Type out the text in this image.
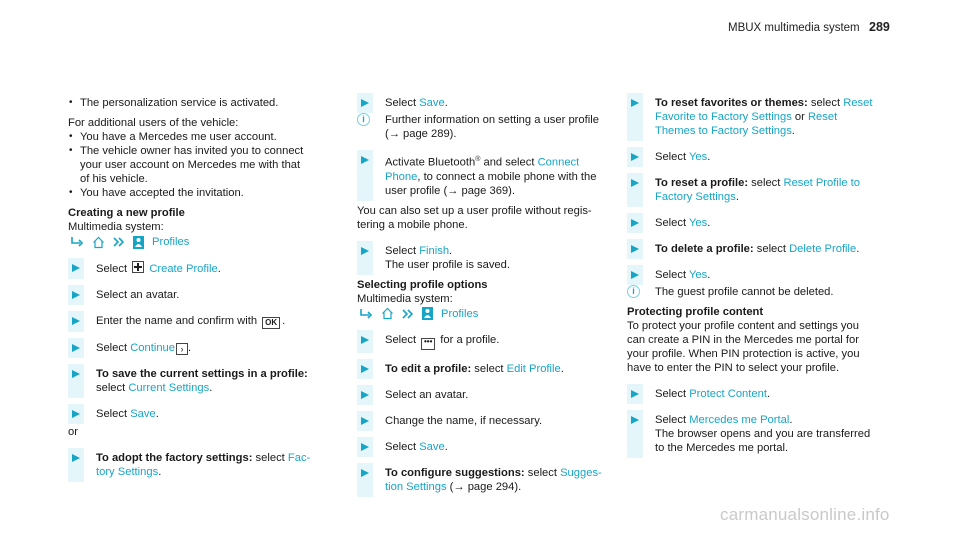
MBUX multimedia system 289
• The personalization service is activated.
For additional users of the vehicle:
• You have a Mercedes me user account.
• The vehicle owner has invited you to connect
your user account on Mercedes me with that
of his vehicle.
• You have accepted the invitation.
Creating a new profile
Multimedia system:
Profiles
Select  Create Profile.
Select an avatar.
Enter the name and confirm with OK .
Select Continue › .
To save the current settings in a profile:
select Current Settings.
Select Save.
or
To adopt the factory settings: select Fac-
tory Settings.
Select Save.
i	Further information on setting a user profile
(→ page 289).
Activate Bluetooth® and select Connect
Phone, to connect a mobile phone with the
user profile (→ page 369).
You can also set up a user profile without regis-
tering a mobile phone.
Select Finish.
The user profile is saved.
Selecting profile options
Multimedia system:
Profiles
Select ••• for a profile.
To edit a profile: select Edit Profile.
Select an avatar.
Change the name, if necessary.
Select Save.
To configure suggestions: select Sugges-
tion Settings (→ page 294).
To reset favorites or themes: select Reset
Favorite to Factory Settings or Reset
Themes to Factory Settings.
Select Yes.
To reset a profile: select Reset Profile to
Factory Settings.
Select Yes.
To delete a profile: select Delete Profile.
Select Yes.
i	The guest profile cannot be deleted.
Protecting profile content
To protect your profile content and settings you
can create a PIN in the Mercedes me portal for
your profile. When PIN protection is active, you
have to enter the PIN to select your profile.
Select Protect Content.
Select Mercedes me Portal.
The browser opens and you are transferred
to the Mercedes me portal.
carmanualsonline.info
